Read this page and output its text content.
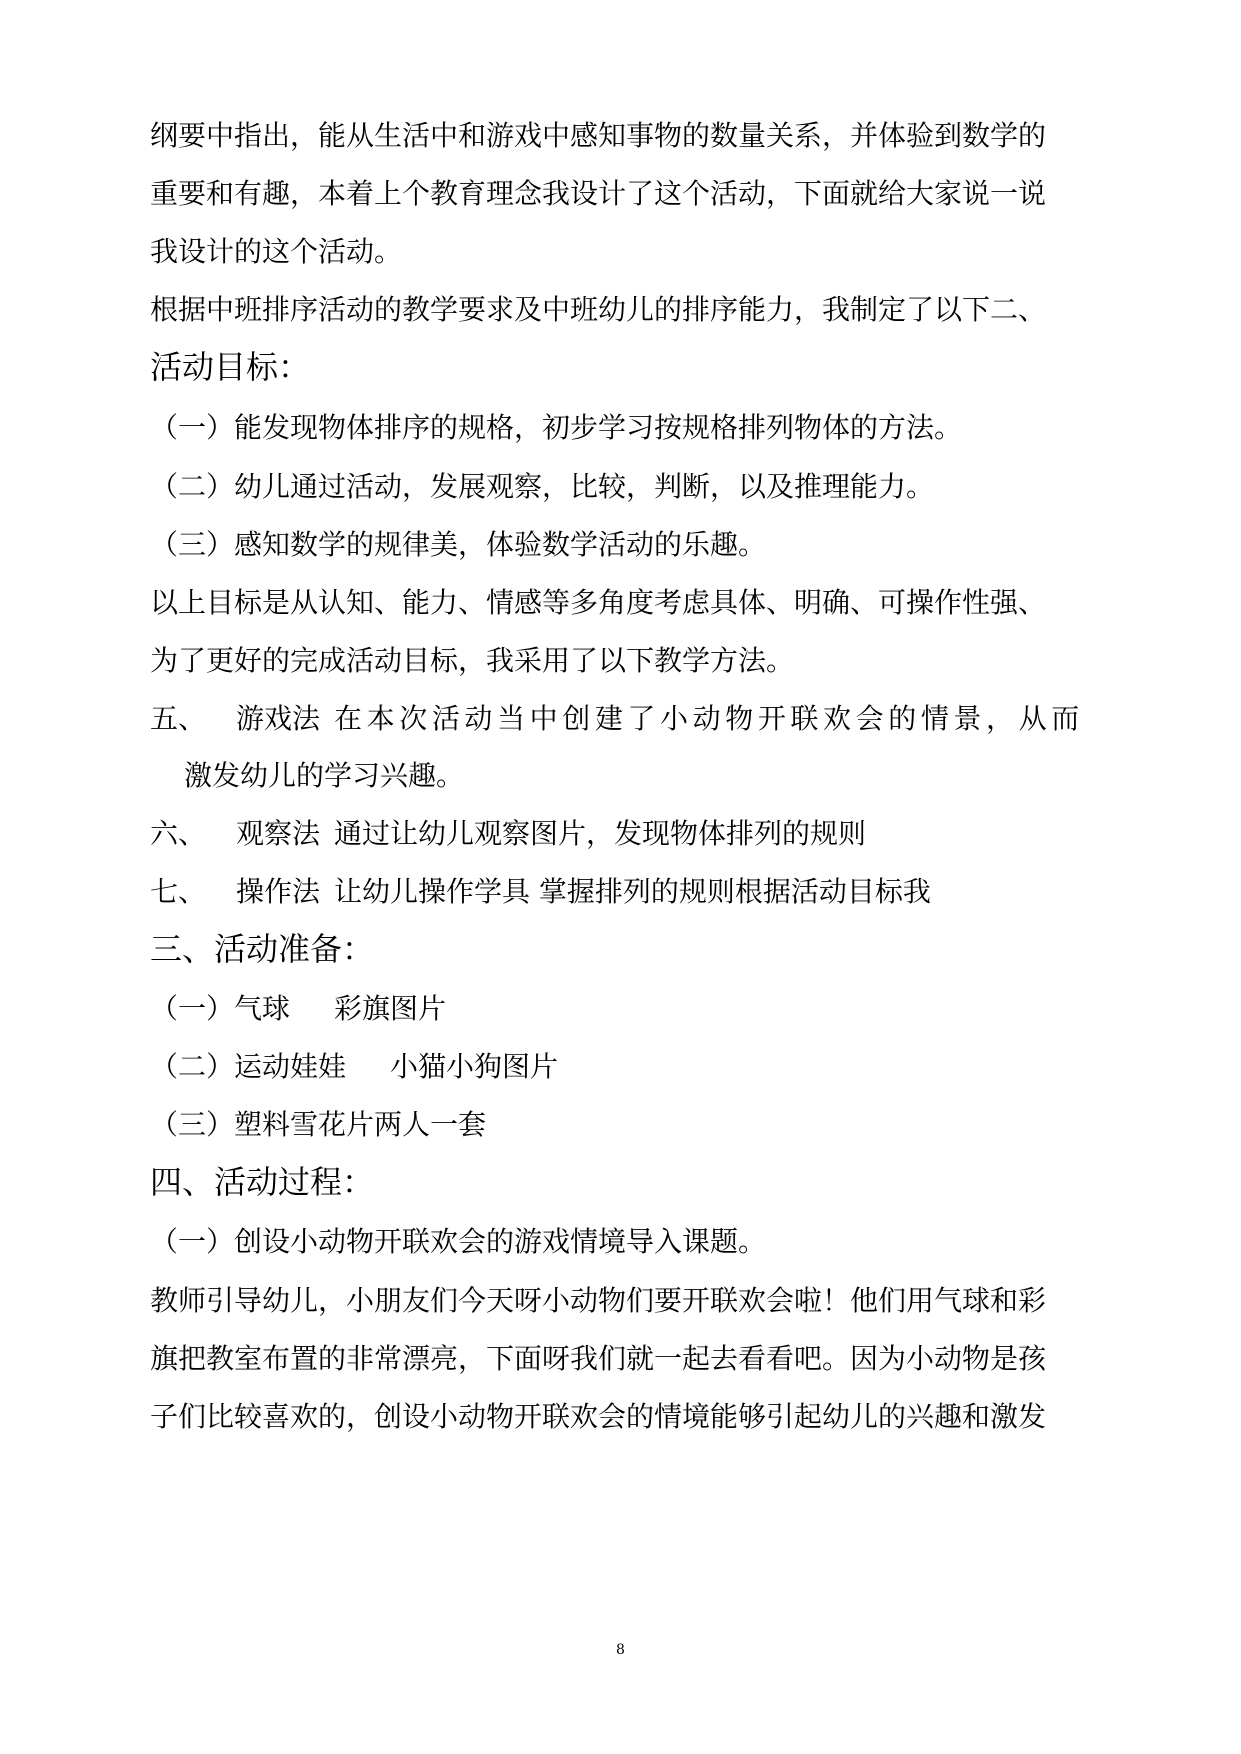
纲要中指出，能从生活中和游戏中感知事物的数量关系，并体验到数学的
重要和有趣，本着上个教育理念我设计了这个活动，下面就给大家说一说
我设计的这个活动。
根据中班排序活动的教学要求及中班幼儿的排序能力，我制定了以下二、
活动目标：
（一）能发现物体排序的规格，初步学习按规格排列物体的方法。
（二）幼儿通过活动，发展观察，比较，判断，以及推理能力。
（三）感知数学的规律美，体验数学活动的乐趣。
以上目标是从认知、能力、情感等多角度考虑具体、明确、可操作性强、
为了更好的完成活动目标，我采用了以下教学方法。
五、 游戏法 在本次活动当中创建了小动物开联欢会的情景，从而
激发幼儿的学习兴趣。
六、 观察法 通过让幼儿观察图片，发现物体排列的规则
七、 操作法 让幼儿操作学具 掌握排列的规则根据活动目标我
三、活动准备：
（一）气球 彩旗图片
（二）运动娃娃 小猫小狗图片
（三）塑料雪花片两人一套
四、活动过程：
（一）创设小动物开联欢会的游戏情境导入课题。
教师引导幼儿，小朋友们今天呀小动物们要开联欢会啦！他们用气球和彩
旗把教室布置的非常漂亮，下面呀我们就一起去看看吧。因为小动物是孩
子们比较喜欢的，创设小动物开联欢会的情境能够引起幼儿的兴趣和激发
8
